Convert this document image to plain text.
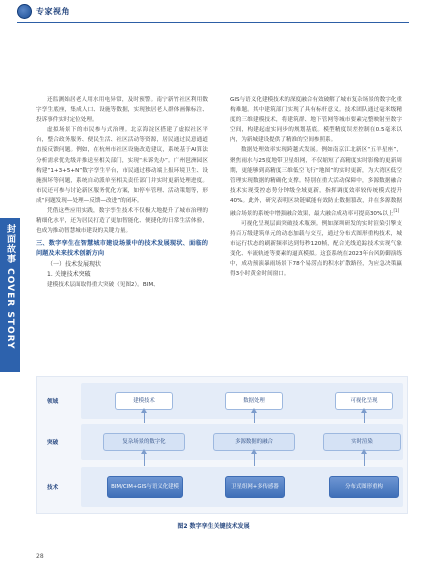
专家视角
封面故事 COVER STORY

还监测始居老人用水用电异常，及时预警。南宁新竹社区利用数字孪生底座，集成人口、设施等数据，实现独居老人群体画像标注、投诉事件实时定位处理。

虚拟场景下的市民参与式治理。北京海淀区搭建了虚拟社区平台，整合政务服务、便民生活、社区活动等资源，居民通过民意通道直接反馈问题。例如，在杭州市社区设施改造建议，系统基于AI算法分析需求优先级并推送至相关部门，实现“未诉先办”。广州琶洲园区构建“1+3+5+N”数字孪生平台，市民通过移动端上报环境卫生、设施损坏等问题，系统自动派单至相关责任部门并实时更新处理进度。市民还可参与讨论新区服务优化方案，如停车管理、活动策划等，形成“问题发现—处理—反馈—改进”的闭环。

凭借这些应用实践，数字孪生技术不仅极大地提升了城市治理的精细化水平，还为居民打造了更加智能化、便捷化的日常生活体验，也成为推动智慧城市建设的关键力量。

三、数字孪生在智慧城市建设场景中的技术发展现状、面临的问题及未来技术创新方向

（一）技术发展现状

1. 关键技术突破

建模技术层面取得重大突破（见图2）。BIM、

GIS与语义化建模技术的深度融合有效破解了城市复杂场景的数字化重构难题。其中建筑部门实现了具有标杆意义。技术团队通过毫米级精度的三维建模技术，将建筑群、地下管网等城市要素完整映射至数字空间，构建起虚实同步的规划基底。模型精度误差控制在0.5毫米以内，为新城建设提供了精准的空间参照系。

数据处理效率实现跨越式发展。例如南京江北新区“五羊星座”，聚焦雨水与25度地带卫星组网，不仅缩短了高精度实时影像的更新周期，更能够到高精度三维低空飞行“地图”的实时更新，为大湾区低空管理实现数据的精确化支撑。特别在重大活动保障中，多源数据融合技术实现受控态势分钟级全域更新，指挥调度效率较传统模式提升40%。此外，研究表明区块链赋能有效防止数据篡改，并在多源数据融合场景的系统中增强融合效果，最大融合成功率可提高30%以上[1]

可视化呈现层面突破技术瓶颈。例如深圳研发的实时渲染引擎支持百万级建筑单元的动态加载与交互，通过分布式图形重构技术，城市运行状态的刷新频率达到每秒120帧，配合光线追踪技术实现气象变化、车流轨迹等要素的逼真模拟。这套系统在2023年台风防御演练中，成功预演暴雨场景下78个易涝点的积水扩散路径，为应急决策赢得3小时黄金时间窗口。

领域	建模技术	数据处理	可视化呈现
突破	复杂场景的数字化	多源数据的融合	实时渲染
技术	BIM/CIM+GIS与语义化建模	卫星组网+多传感器	分布式图形重构
图2 数字孪生关键技术发展
28
